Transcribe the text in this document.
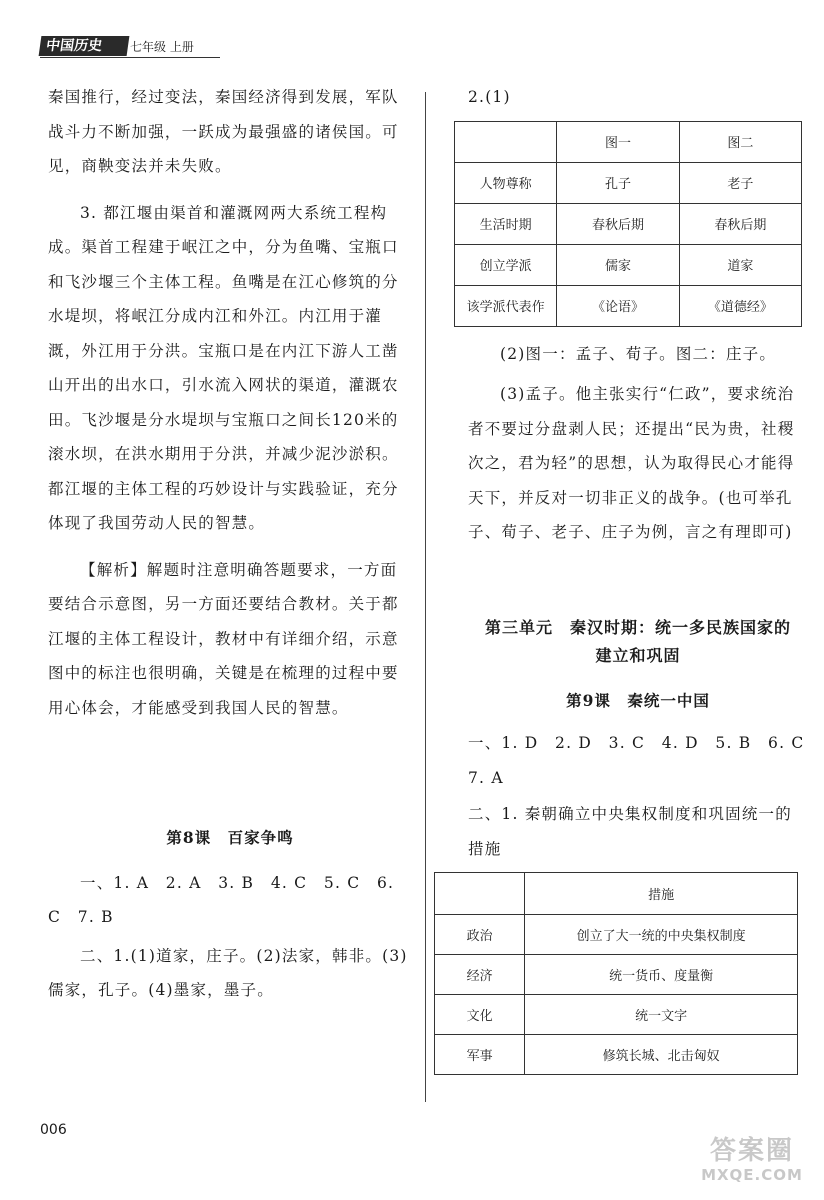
中国历史	七年级 上册

秦国推行，经过变法，秦国经济得到发展，军队战斗力不断加强，一跃成为最强盛的诸侯国。可见，商鞅变法并未失败。

3. 都江堰由渠首和灌溉网两大系统工程构成。渠首工程建于岷江之中，分为鱼嘴、宝瓶口和飞沙堰三个主体工程。鱼嘴是在江心修筑的分水堤坝，将岷江分成内江和外江。内江用于灌溉，外江用于分洪。宝瓶口是在内江下游人工凿山开出的出水口，引水流入网状的渠道，灌溉农田。飞沙堰是分水堤坝与宝瓶口之间长120米的滚水坝，在洪水期用于分洪，并减少泥沙淤积。都江堰的主体工程的巧妙设计与实践验证，充分体现了我国劳动人民的智慧。

【解析】解题时注意明确答题要求，一方面要结合示意图，另一方面还要结合教材。关于都江堰的主体工程设计，教材中有详细介绍，示意图中的标注也很明确，关键是在梳理的过程中要用心体会，才能感受到我国人民的智慧。

第8课　百家争鸣

一、1. A　2. A　3. B　4. C　5. C　6. C　7. B

二、1.(1)道家，庄子。(2)法家，韩非。(3)儒家，孔子。(4)墨家，墨子。

2.(1)

	图一	图二
人物尊称	孔子	老子
生活时期	春秋后期	春秋后期
创立学派	儒家	道家
该学派代表作	《论语》	《道德经》

(2)图一：孟子、荀子。图二：庄子。

(3)孟子。他主张实行“仁政”，要求统治者不要过分盘剥人民；还提出“民为贵，社稷次之，君为轻”的思想，认为取得民心才能得天下，并反对一切非正义的战争。(也可举孔子、荀子、老子、庄子为例，言之有理即可)

第三单元　秦汉时期：统一多民族国家的
建立和巩固

第9课　秦统一中国

一、1. D　2. D　3. C　4. D　5. B　6. C　7. A

二、1. 秦朝确立中央集权制度和巩固统一的措施

	措施
政治	创立了大一统的中央集权制度
经济	统一货币、度量衡
文化	统一文字
军事	修筑长城、北击匈奴
006
答案圈
MXQE.COM
